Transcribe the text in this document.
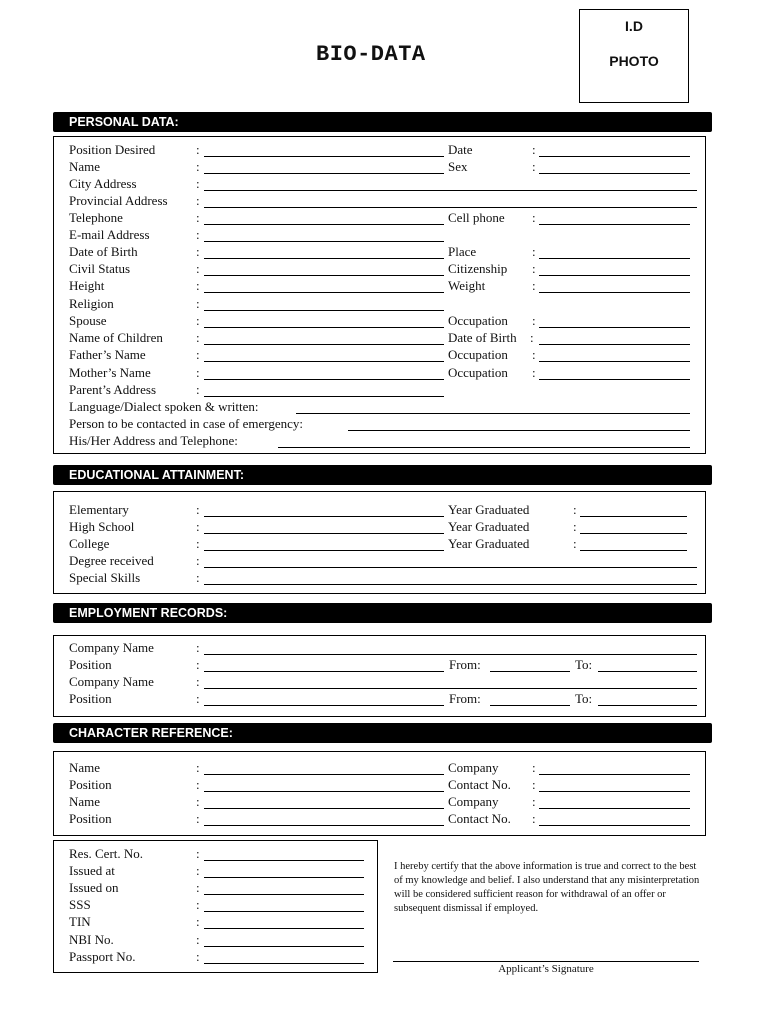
BIO-DATA
I.D
PHOTO
PERSONAL DATA:
Position Desired	:	Date	:
Name	:	Sex	:
City Address	:
Provincial Address :
Telephone	:	Cell phone :
E-mail Address	:
Date of Birth	:	Place	:
Civil Status	:	Citizenship :
Height	:	Weight	:
Religion	:
Spouse	:	Occupation :
Name of Children	:	Date of Birth :
Father’s Name	:	Occupation :
Mother’s Name	:	Occupation :
Parent’s Address	:
Language/Dialect spoken & written:
Person to be contacted in case of emergency:
His/Her Address and Telephone:
EDUCATIONAL ATTAINMENT:
Elementary	:	Year Graduated	:
High School	:	Year Graduated	:
College	:	Year Graduated	:
Degree received	:
Special Skills	:
EMPLOYMENT RECORDS:
Company Name	:
Position	:	From:	To:
Company Name	:
Position	:	From:	To:
CHARACTER REFERENCE:
Name	:	Company	:
Position	:	Contact No. :
Name	:	Company	:
Position	:	Contact No. :
Res. Cert. No.	:
Issued at	:
Issued on	:
SSS	:
TIN	:
NBI No.	:
Passport No.	:

I hereby certify that the above information is true and correct to the best of my knowledge and belief. I also understand that any misinterpretation will be considered sufficient reason for withdrawal of an offer or subsequent dismissal if employed.

Applicant’s Signature
